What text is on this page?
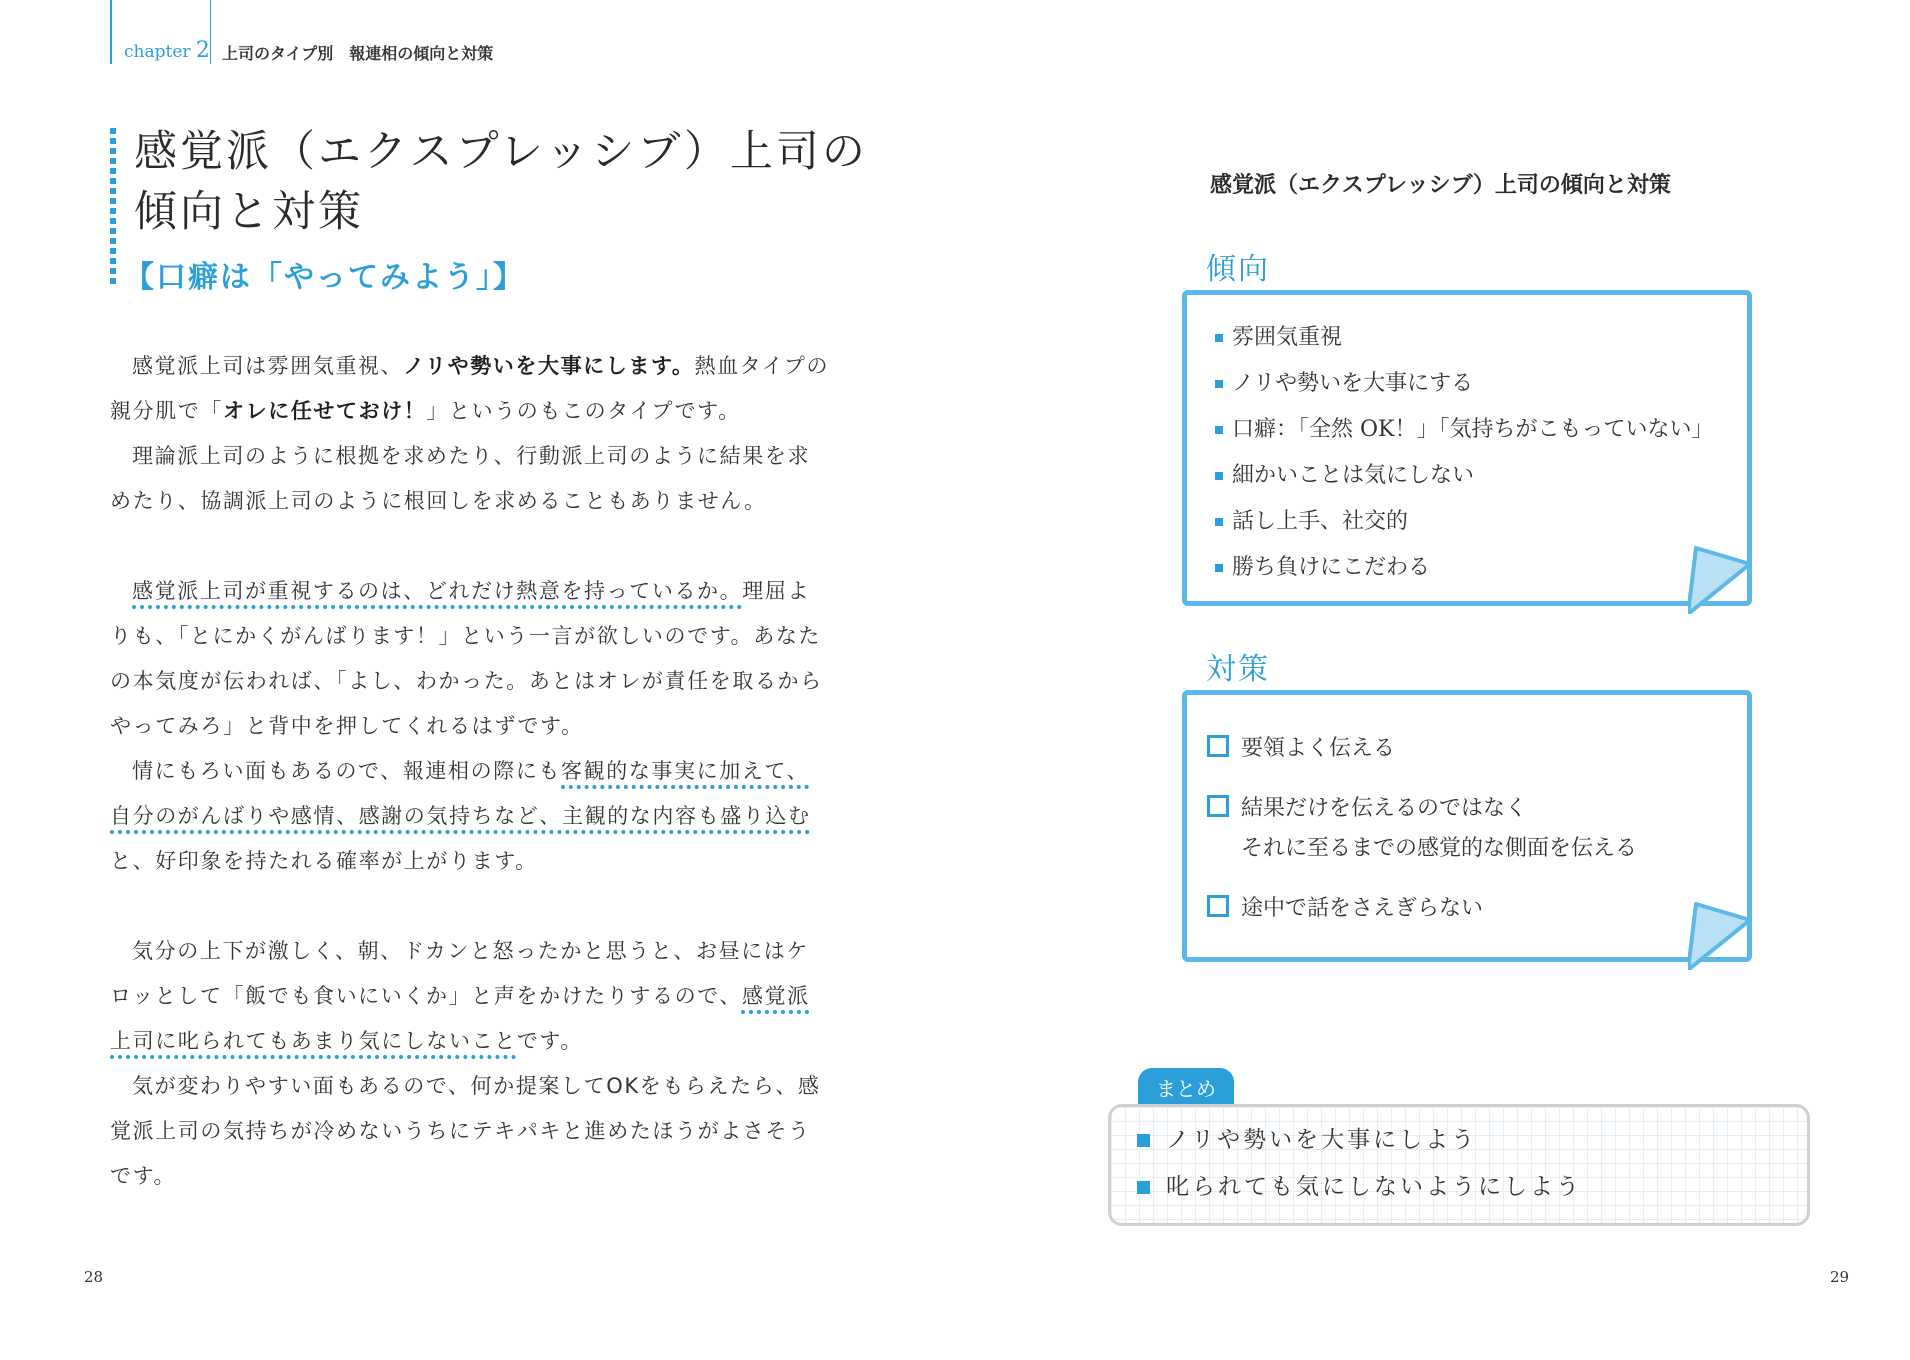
chapter 2 上司のタイプ別　報連相の傾向と対策
感覚派（エクスプレッシブ）上司の
傾向と対策
【口癖は「やってみよう」】

感覚派上司は雰囲気重視、ノリや勢いを大事にします。熱血タイプの親分肌で「オレに任せておけ！」というのもこのタイプです。

理論派上司のように根拠を求めたり、行動派上司のように結果を求めたり、協調派上司のように根回しを求めることもありません。

感覚派上司が重視するのは、どれだけ熱意を持っているか。理屈よりも、「とにかくがんばります！」という一言が欲しいのです。あなたの本気度が伝われば、「よし、わかった。あとはオレが責任を取るからやってみろ」と背中を押してくれるはずです。

情にもろい面もあるので、報連相の際にも客観的な事実に加えて、自分のがんばりや感情、感謝の気持ちなど、主観的な内容も盛り込むと、好印象を持たれる確率が上がります。

気分の上下が激しく、朝、ドカンと怒ったかと思うと、お昼にはケロッとして「飯でも食いにいくか」と声をかけたりするので、感覚派上司に叱られてもあまり気にしないことです。

気が変わりやすい面もあるので、何か提案してOKをもらえたら、感覚派上司の気持ちが冷めないうちにテキパキと進めたほうがよさそうです。

28
感覚派（エクスプレッシブ）上司の傾向と対策
傾向
雰囲気重視
ノリや勢いを大事にする
口癖：「全然 OK！」「気持ちがこもっていない」
細かいことは気にしない
話し上手、社交的
勝ち負けにこだわる
対策
要領よく伝える
結果だけを伝えるのではなく
それに至るまでの感覚的な側面を伝える
途中で話をさえぎらない
まとめ
ノリや勢いを大事にしよう
叱られても気にしないようにしよう
29
